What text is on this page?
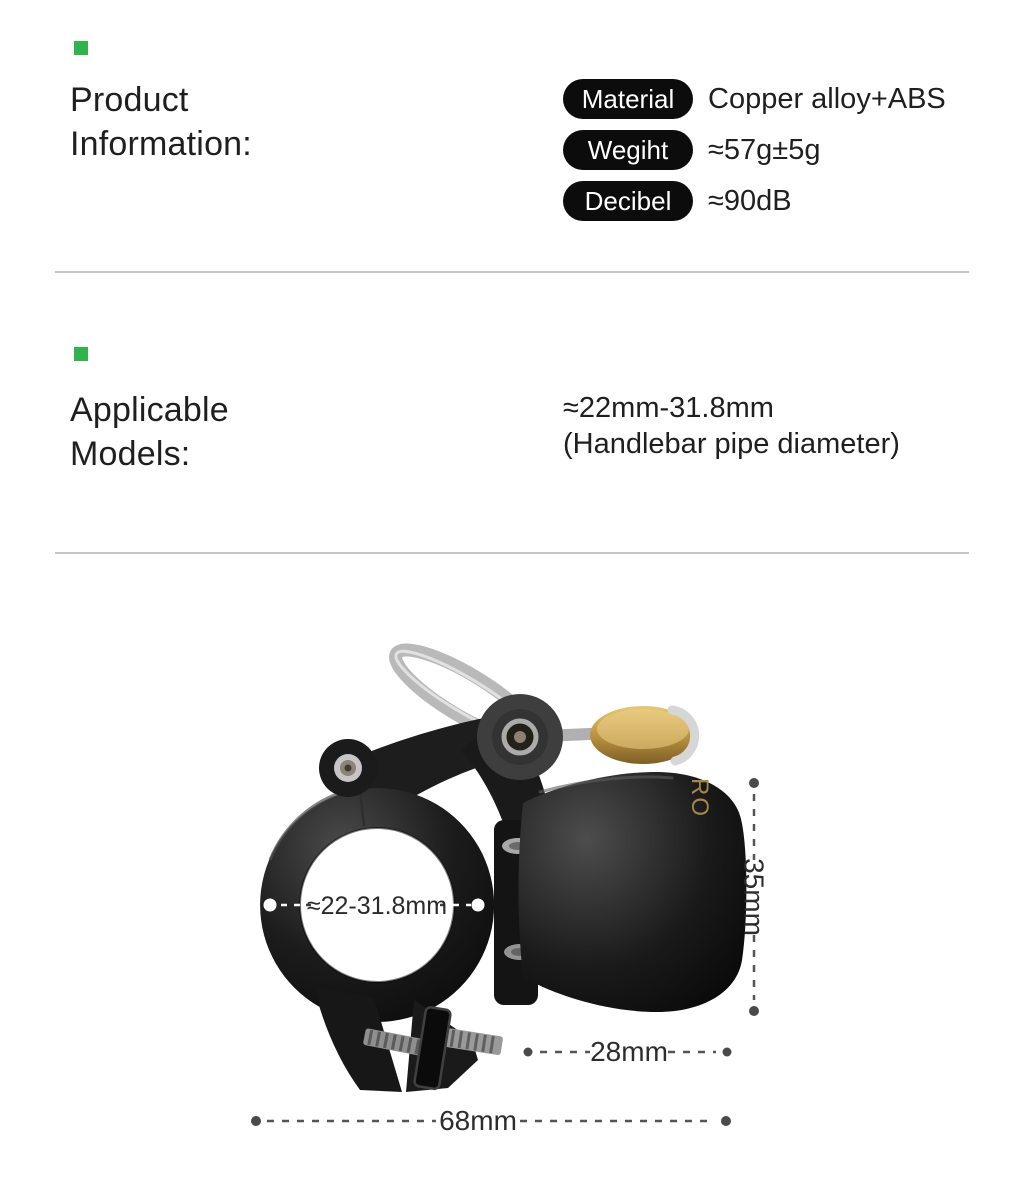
Product
Information:
Material	Copper alloy+ABS
Wegiht	≈57g±5g
Decibel	≈90dB
Applicable
Models:
≈22mm-31.8mm
(Handlebar pipe diameter)
RO
≈22-31.8mm	35mm
28mm
68mm
